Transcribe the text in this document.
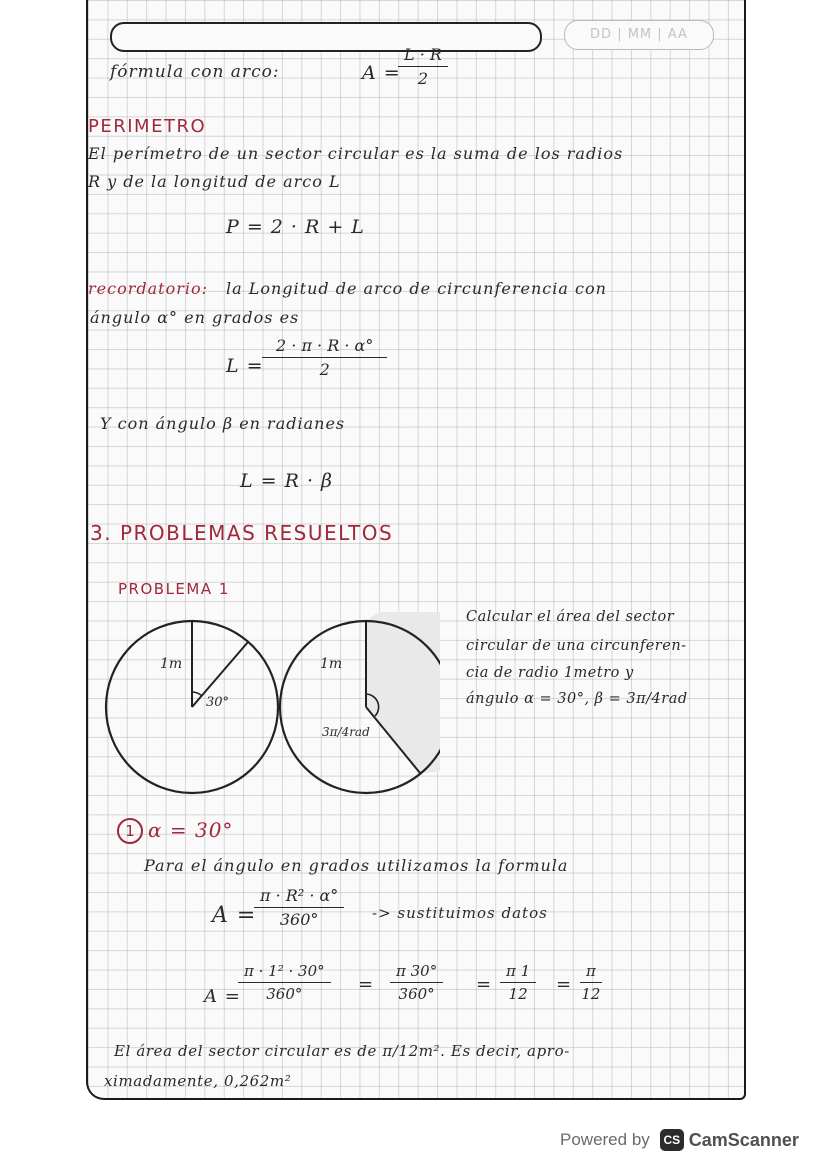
DD | MM | AA
fórmula con arco:	A =
$\frac{L \cdot R}{2}$
PERIMETRO
El perímetro de un sector circular es la suma de los radios
R y de la longitud de arco L
P = 2 · R + L
recordatorio: la Longitud de arco de circunferencia con
ángulo α° en grados es
L =
$\frac{2 \cdot \pi \cdot R \cdot \alpha^\circ}{2}$
Y con ángulo β en radianes
L = R · β
3. PROBLEMAS RESUELTOS
PROBLEMA 1
Calcular el área del sector
circular de una circunferen-
cia de radio 1metro y
ángulo α = 30°, β = 3π/4rad
1m
30°
1m
3π/4rad
1 α = 30°
Para el ángulo en grados utilizamos la formula
A =
$\frac{\text{π · R² · α°}}{360^\circ}$ -> sustituimos datos
A =
$\frac{\text{π · 1² · 30°}}{360^\circ} = \frac{\pi 30^\circ}{360^\circ} = \frac{\pi 1}{12} = \frac{\pi}{12}$
El área del sector circular es de π/12m². Es decir, apro-
ximadamente, 0,262m²
Powered by	CS CamScanner
